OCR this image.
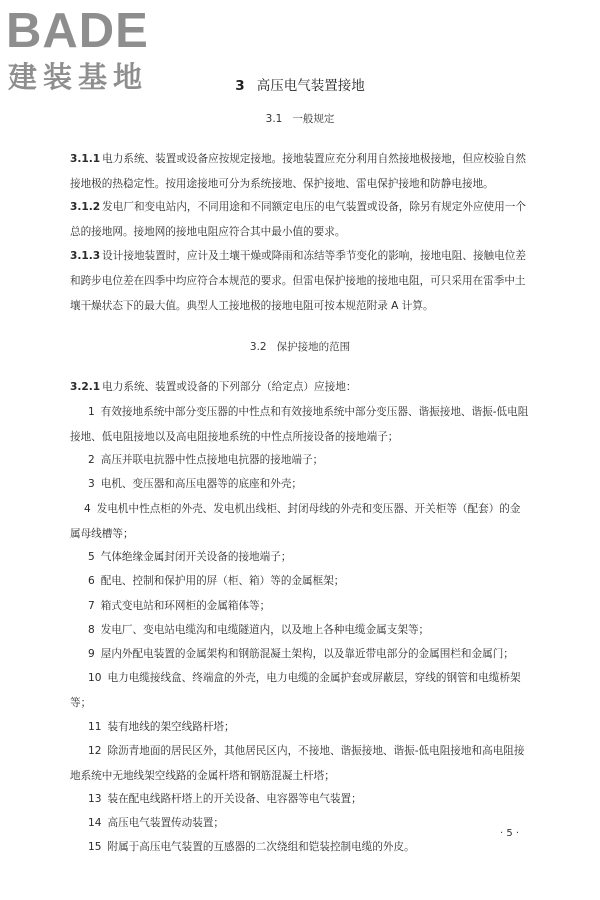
BADE
建装基地	3 高压电气装置接地
3.1 一般规定

3.1.1 电力系统、装置或设备应按规定接地。接地装置应充分利用自然接地极接地，但应校验自然接地极的热稳定性。按用途接地可分为系统接地、保护接地、雷电保护接地和防静电接地。

3.1.2 发电厂和变电站内，不同用途和不同额定电压的电气装置或设备，除另有规定外应使用一个总的接地网。接地网的接地电阻应符合其中最小值的要求。

3.1.3 设计接地装置时，应计及土壤干燥或降雨和冻结等季节变化的影响，接地电阻、接触电位差和跨步电位差在四季中均应符合本规范的要求。但雷电保护接地的接地电阻，可只采用在雷季中土壤干燥状态下的最大值。典型人工接地极的接地电阻可按本规范附录 A 计算。

3.2 保护接地的范围

3.2.1 电力系统、装置或设备的下列部分（给定点）应接地：

1 有效接地系统中部分变压器的中性点和有效接地系统中部分变压器、谐振接地、谐振-低电阻接地、低电阻接地以及高电阻接地系统的中性点所接设备的接地端子；

2 高压并联电抗器中性点接地电抗器的接地端子；

3 电机、变压器和高压电器等的底座和外壳；

4 发电机中性点柜的外壳、发电机出线柜、封闭母线的外壳和变压器、开关柜等（配套）的金属母线槽等；

5 气体绝缘金属封闭开关设备的接地端子；

6 配电、控制和保护用的屏（柜、箱）等的金属框架；

7 箱式变电站和环网柜的金属箱体等；

8 发电厂、变电站电缆沟和电缆隧道内，以及地上各种电缆金属支架等；

9 屋内外配电装置的金属架构和钢筋混凝土架构，以及靠近带电部分的金属围栏和金属门；

10 电力电缆接线盒、终端盒的外壳，电力电缆的金属护套或屏蔽层，穿线的钢管和电缆桥架等；

11 装有地线的架空线路杆塔；

12 除沥青地面的居民区外，其他居民区内，不接地、谐振接地、谐振-低电阻接地和高电阻接地系统中无地线架空线路的金属杆塔和钢筋混凝土杆塔；

13 装在配电线路杆塔上的开关设备、电容器等电气装置；

14 高压电气装置传动装置；

15 附属于高压电气装置的互感器的二次绕组和铠装控制电缆的外皮。

· 5 ·
